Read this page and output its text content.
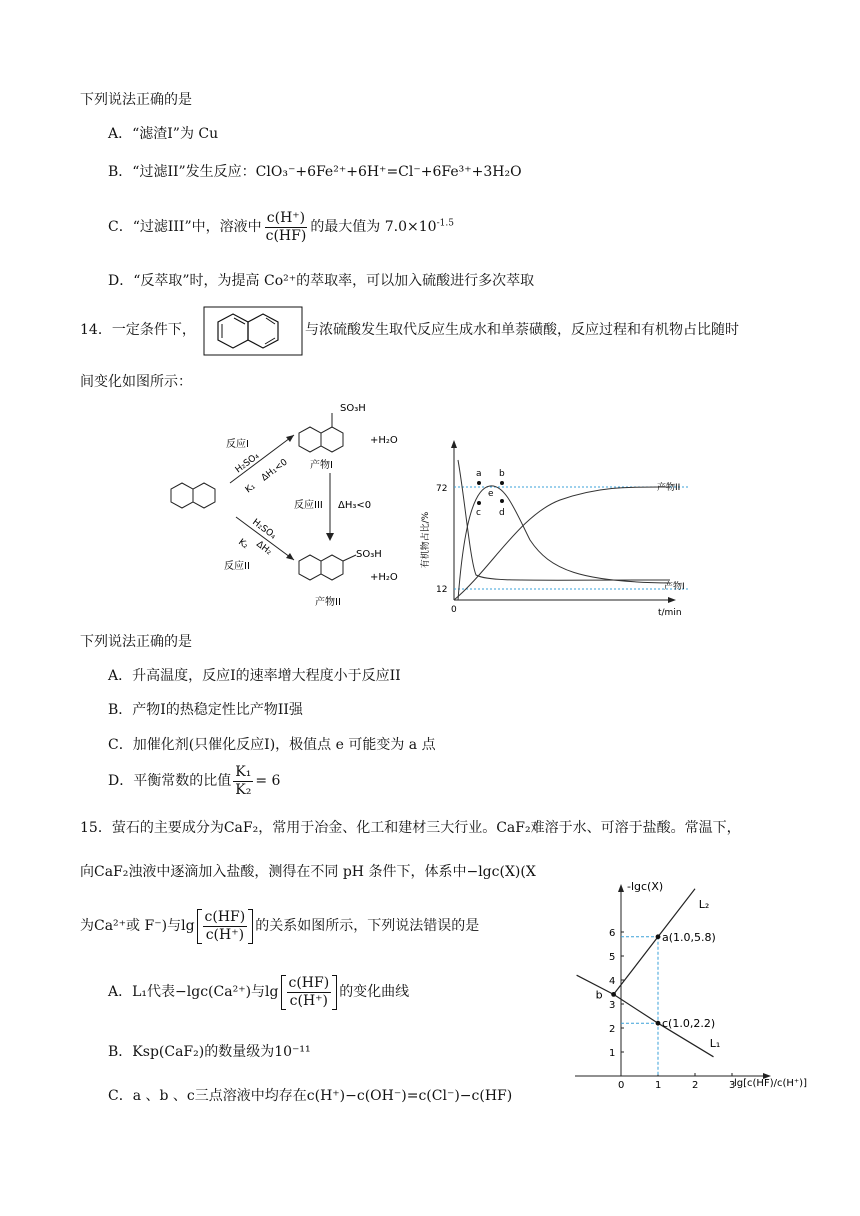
下列说法正确的是
A．“滤渣I”为 Cu
B．“过滤II”发生反应：ClO₃⁻+6Fe²⁺+6H⁺=Cl⁻+6Fe³⁺+3H₂O
C．“过滤III”中，溶液中 $\frac{c(H^+)}{c(HF)}$ 的最大值为 $7.0\times 10^{-1.5}$
D．“反萃取”时，为提高 Co²⁺的萃取率，可以加入硫酸进行多次萃取
14．一定条件下，	与浓硫酸发生取代反应生成水和单萘磺酸，反应过程和有机物占比随时
间变化如图所示：
SO₃H
+H₂O
产物I
SO₃H
+H₂O
产物II
反应I
H₂SO₄
K₁
ΔH₁<0
反应III ΔH₃<0
H₂SO₄
K₂ ΔH₂
反应II
72
12
0	t/min
有机物占比/%
a b
e
c d
产物II
产物I
下列说法正确的是
A．升高温度，反应I的速率增大程度小于反应II
B．产物I的热稳定性比产物II强
C．加催化剂(只催化反应I)，极值点 e 可能变为 a 点
D．平衡常数的比值 $\frac{\text{K₁}}{\text{K₂}} = 6$
15．萤石的主要成分为CaF₂，常用于冶金、化工和建材三大行业。CaF₂难溶于水、可溶于盐酸。常温下，
向CaF₂浊液中逐滴加入盐酸，测得在不同 pH 条件下，体系中−lgc(X)(X
为Ca²⁺或 F⁻)与$\lg \frac{c(HF)}{c(H^+)}$ 的关系如图所示，下列说法错误的是
A．L₁代表−lgc(Ca²⁺)与$\lg \frac{c(HF)}{c(H^+)}$ 的变化曲线
B．Ksp(CaF₂)的数量级为10⁻¹¹
C．a 、b 、c三点溶液中均存在c(H⁺)−c(OH⁻)=c(Cl⁻)−c(HF)
-lgc(X)
0	1	2	3
1
2
3
4
5
6
lg[c(HF)/c(H⁺)]
L₂
L₁
a(1.0,5.8)
c(1.0,2.2)
b
